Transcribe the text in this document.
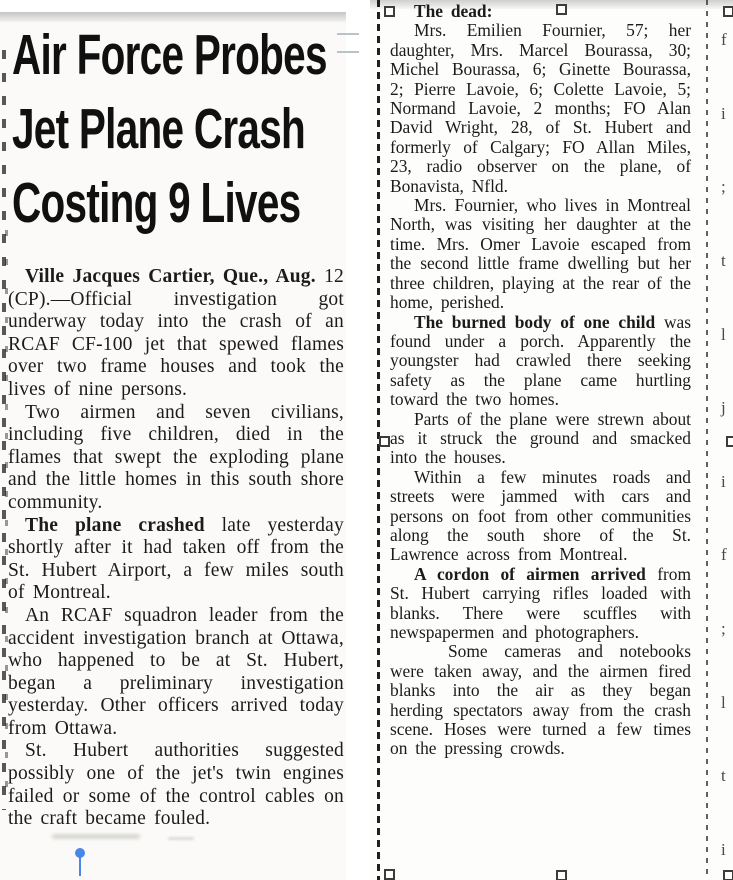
Air Force Probes
Jet Plane Crash
Costing 9 Lives

Ville Jacques Cartier, Que., Aug. 12 (CP).—Official investigation got underway today into the crash of an RCAF CF-100 jet that spewed flames over two frame houses and took the lives of nine persons.

Two airmen and seven civilians, including five children, died in the flames that swept the exploding plane and the little homes in this south shore community.

The plane crashed late yesterday shortly after it had taken off from the St. Hubert Airport, a few miles south of Montreal.

An RCAF squadron leader from the accident investigation branch at Ottawa, who happened to be at St. Hubert, began a preliminary investigation yesterday. Other officers arrived today from Ottawa.

St. Hubert authorities suggested possibly one of the jet's twin engines failed or some of the control cables on the craft became fouled.

The dead:

Mrs. Emilien Fournier, 57; her daughter, Mrs. Marcel Bourassa, 30; Michel Bourassa, 6; Ginette Bourassa, 2; Pierre Lavoie, 6; Colette Lavoie, 5; Normand Lavoie, 2 months; FO Alan David Wright, 28, of St. Hubert and formerly of Calgary; FO Allan Miles, 23, radio observer on the plane, of Bonavista, Nfld.

Mrs. Fournier, who lives in Montreal North, was visiting her daughter at the time. Mrs. Omer Lavoie escaped from the second little frame dwelling but her three children, playing at the rear of the home, perished.

The burned body of one child was found under a porch. Apparently the youngster had crawled there seeking safety as the plane came hurtling toward the two homes.

Parts of the plane were strewn about as it struck the ground and smacked into the houses.

Within a few minutes roads and streets were jammed with cars and persons on foot from other communities along the south shore of the St. Lawrence across from Montreal.

A cordon of airmen arrived from St. Hubert carrying rifles loaded with blanks. There were scuffles with newspapermen and photographers.

Some cameras and notebooks were taken away, and the airmen fired blanks into the air as they began herding spectators away from the crash scene. Hoses were turned a few times on the pressing crowds.

f
i
;
t
l
j
i
f
;
l
t
i
